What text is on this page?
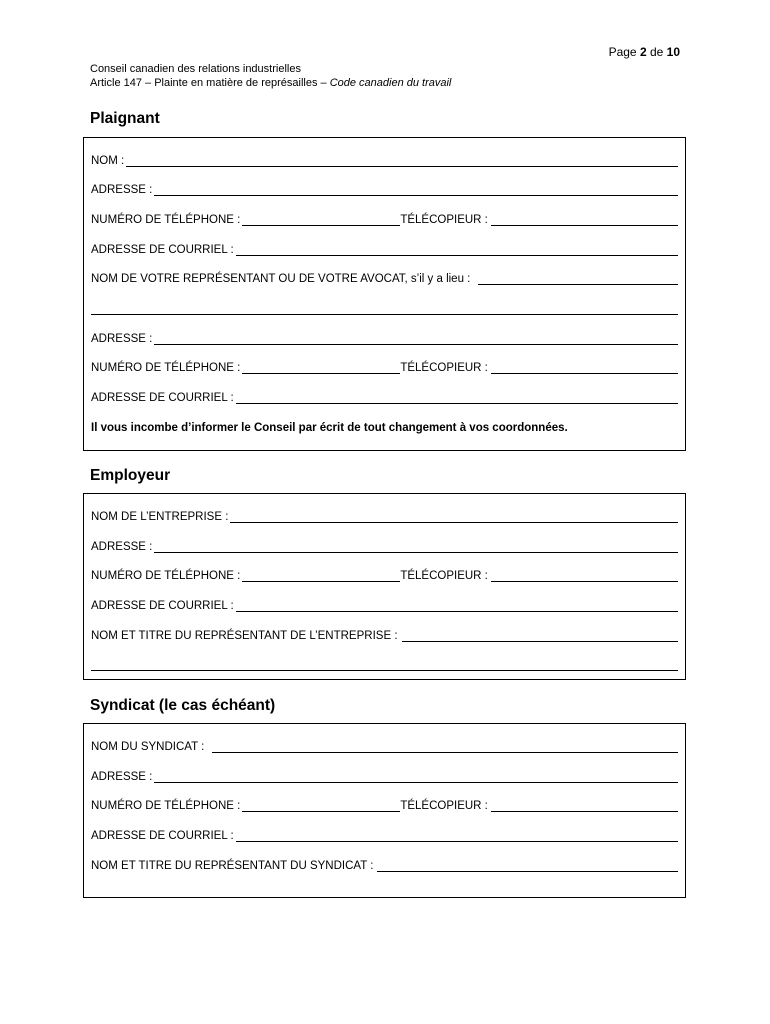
Page 2 de 10
Conseil canadien des relations industrielles
Article 147 – Plainte en matière de représailles – Code canadien du travail
Plaignant
NOM :
ADRESSE :
NUMÉRO DE TÉLÉPHONE :	TÉLÉCOPIEUR :
ADRESSE DE COURRIEL :
NOM DE VOTRE REPRÉSENTANT OU DE VOTRE AVOCAT, s’il y a lieu :
ADRESSE :
NUMÉRO DE TÉLÉPHONE :	TÉLÉCOPIEUR :
ADRESSE DE COURRIEL :
Il vous incombe d’informer le Conseil par écrit de tout changement à vos coordonnées.
Employeur
NOM DE L’ENTREPRISE :
ADRESSE :
NUMÉRO DE TÉLÉPHONE :	TÉLÉCOPIEUR :
ADRESSE DE COURRIEL :
NOM ET TITRE DU REPRÉSENTANT DE L’ENTREPRISE :
Syndicat (le cas échéant)
NOM DU SYNDICAT :
ADRESSE :
NUMÉRO DE TÉLÉPHONE :	TÉLÉCOPIEUR :
ADRESSE DE COURRIEL :
NOM ET TITRE DU REPRÉSENTANT DU SYNDICAT :
